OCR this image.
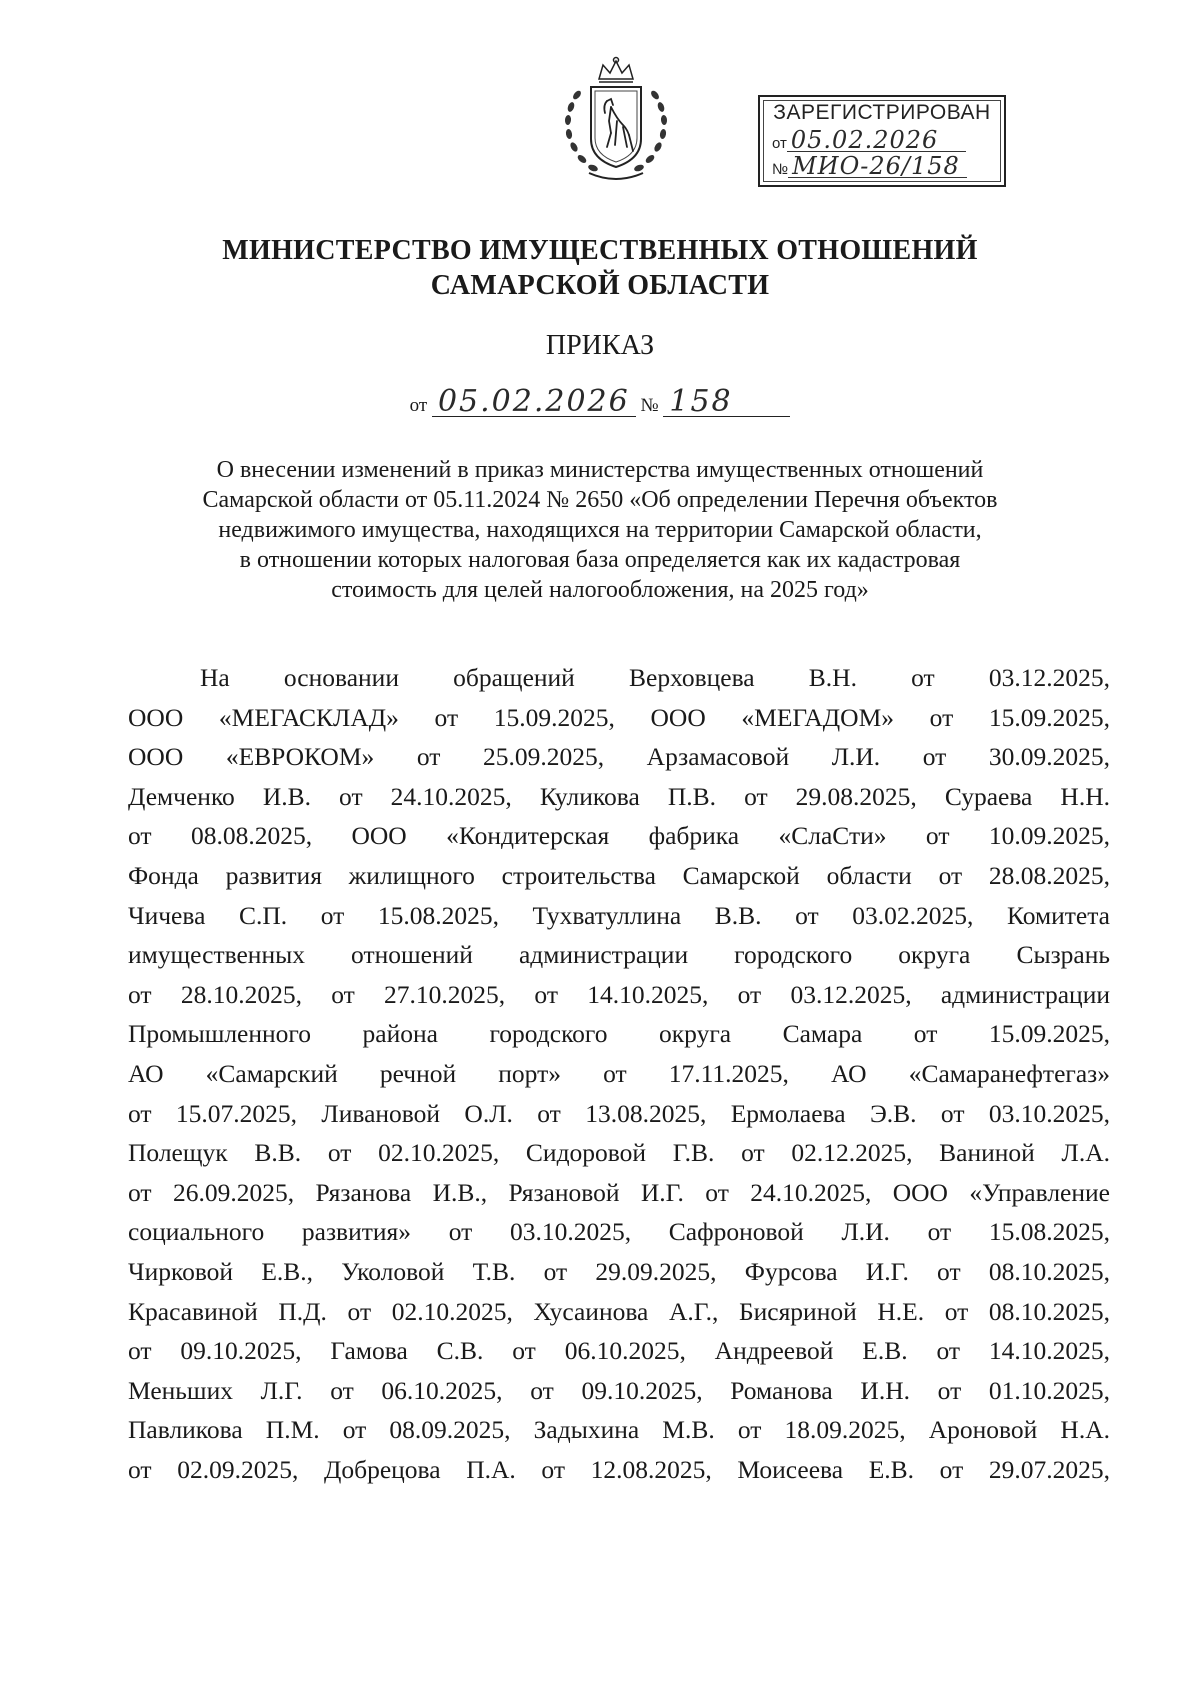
ЗАРЕГИСТРИРОВАН
от 05.02.2026
№ МИО-26/158
МИНИСТЕРСТВО ИМУЩЕСТВЕННЫХ ОТНОШЕНИЙ
САМАРСКОЙ ОБЛАСТИ
ПРИКАЗ
от 05.02.2026 № 158
О внесении изменений в приказ министерства имущественных отношений
Самарской области от 05.11.2024 № 2650 «Об определении Перечня объектов
недвижимого имущества, находящихся на территории Самарской области,
в отношении которых налоговая база определяется как их кадастровая
стоимость для целей налогообложения, на 2025 год»
На основании обращений Верховцева В.Н. от 03.12.2025,
ООО «МЕГАСКЛАД» от 15.09.2025, ООО «МЕГАДОМ» от 15.09.2025,
ООО «ЕВРОКОМ» от 25.09.2025, Арзамасовой Л.И. от 30.09.2025,
Демченко И.В. от 24.10.2025, Куликова П.В. от 29.08.2025, Сураева Н.Н.
от 08.08.2025, ООО «Кондитерская фабрика «СлаСти» от 10.09.2025,
Фонда развития жилищного строительства Самарской области от 28.08.2025,
Чичева С.П. от 15.08.2025, Тухватуллина В.В. от 03.02.2025, Комитета
имущественных отношений администрации городского округа Сызрань
от 28.10.2025, от 27.10.2025, от 14.10.2025, от 03.12.2025, администрации
Промышленного района городского округа Самара от 15.09.2025,
АО «Самарский речной порт» от 17.11.2025, АО «Самаранефтегаз»
от 15.07.2025, Ливановой О.Л. от 13.08.2025, Ермолаева Э.В. от 03.10.2025,
Полещук В.В. от 02.10.2025, Сидоровой Г.В. от 02.12.2025, Ваниной Л.А.
от 26.09.2025, Рязанова И.В., Рязановой И.Г. от 24.10.2025, ООО «Управление
социального развития» от 03.10.2025, Сафроновой Л.И. от 15.08.2025,
Чирковой Е.В., Уколовой Т.В. от 29.09.2025, Фурсова И.Г. от 08.10.2025,
Красавиной П.Д. от 02.10.2025, Хусаинова А.Г., Бисяриной Н.Е. от 08.10.2025,
от 09.10.2025, Гамова С.В. от 06.10.2025, Андреевой Е.В. от 14.10.2025,
Меньших Л.Г. от 06.10.2025, от 09.10.2025, Романова И.Н. от 01.10.2025,
Павликова П.М. от 08.09.2025, Задыхина М.В. от 18.09.2025, Ароновой Н.А.
от 02.09.2025, Добрецова П.А. от 12.08.2025, Моисеева Е.В. от 29.07.2025,
